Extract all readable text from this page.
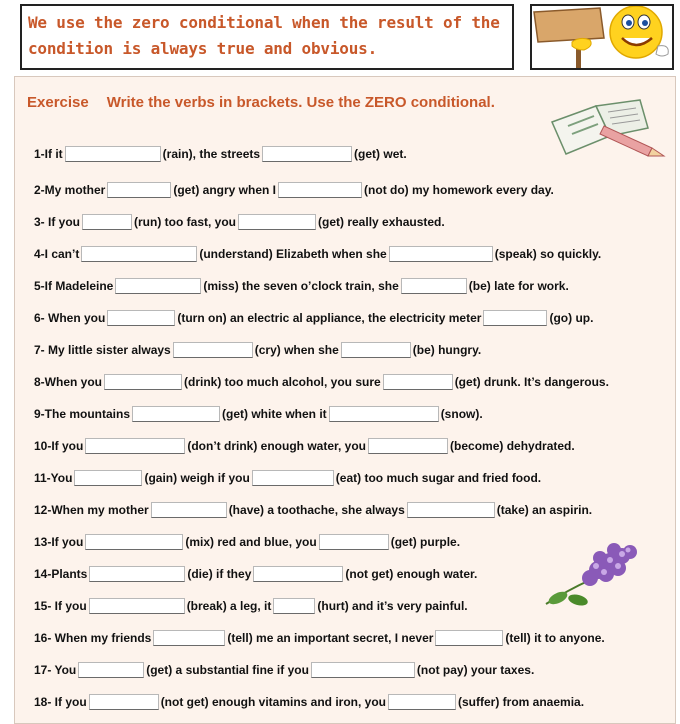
We use the zero conditional when the result of the
condition is always true and obvious.
Exercise Write the verbs in brackets. Use the ZERO conditional.
1-If it	(rain), the streets	(get) wet.
2-My mother	(get) angry when I	(not do) my homework every day.
3- If you	(run) too fast, you	(get) really exhausted.
4-I can’t	(understand) Elizabeth when she	(speak) so quickly.
5-If Madeleine	(miss) the seven o’clock train, she	(be) late for work.
6- When you	(turn on) an electric al appliance, the electricity meter	(go) up.
7- My little sister always	(cry) when she	(be) hungry.
8-When you	(drink) too much alcohol, you sure	(get) drunk. It’s dangerous.
9-The mountains	(get) white when it	(snow).
10-If you	(don’t drink) enough water, you	(become) dehydrated.
11-You	(gain) weigh if you	(eat) too much sugar and fried food.
12-When my mother	(have) a toothache, she always	(take) an aspirin.
13-If you	(mix) red and blue, you	(get) purple.
14-Plants	(die) if they	(not get) enough water.
15- If you	(break) a leg, it	(hurt) and it’s very painful.
16- When my friends	(tell) me an important secret, I never	(tell) it to anyone.
17- You	(get) a substantial fine if you	(not pay) your taxes.
18- If you	(not get) enough vitamins and iron, you	(suffer) from anaemia.
